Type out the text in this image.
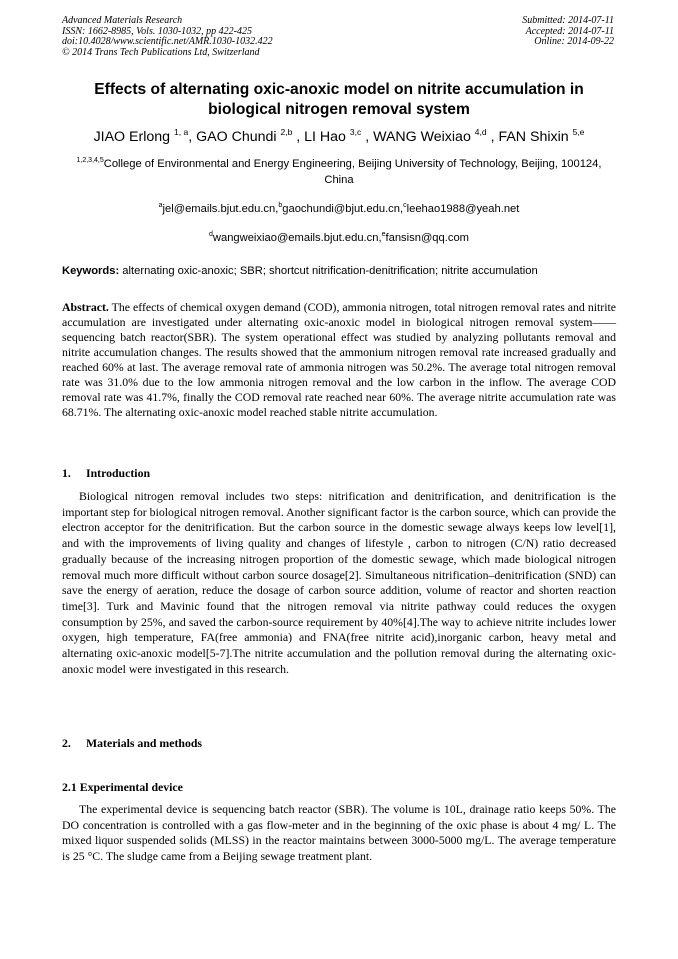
Advanced Materials Research
ISSN: 1662-8985, Vols. 1030-1032, pp 422-425
doi:10.4028/www.scientific.net/AMR.1030-1032.422
© 2014 Trans Tech Publications Ltd, Switzerland
Submitted: 2014-07-11
Accepted: 2014-07-11
Online: 2014-09-22
Effects of alternating oxic-anoxic model on nitrite accumulation in biological nitrogen removal system
JIAO Erlong $^{1, a}$, GAO Chundi $^{2,b}$ , LI Hao $^{3,c}$ , WANG Weixiao $^{4,d}$ , FAN Shixin $^{5,e}$
$^{1,2,3,4,5}$College of Environmental and Energy Engineering, Beijing University of Technology, Beijing, 100124, China
$^a$jel@emails.bjut.edu.cn,$^b$gaochundi@bjut.edu.cn,$^c$leehao1988@yeah.net
$^d$wangweixiao@emails.bjut.edu.cn,$^e$fansisn@qq.com
Keywords: alternating oxic-anoxic; SBR; shortcut nitrification-denitrification; nitrite accumulation
Abstract. The effects of chemical oxygen demand (COD), ammonia nitrogen, total nitrogen removal rates and nitrite accumulation are investigated under alternating oxic-anoxic model in biological nitrogen removal system——sequencing batch reactor(SBR). The system operational effect was studied by analyzing pollutants removal and nitrite accumulation changes. The results showed that the ammonium nitrogen removal rate increased gradually and reached 60% at last. The average removal rate of ammonia nitrogen was 50.2%. The average total nitrogen removal rate was 31.0% due to the low ammonia nitrogen removal and the low carbon in the inflow. The average COD removal rate was 41.7%, finally the COD removal rate reached near 60%. The average nitrite accumulation rate was 68.71%. The alternating oxic-anoxic model reached stable nitrite accumulation.
1. Introduction
Biological nitrogen removal includes two steps: nitrification and denitrification, and denitrification is the important step for biological nitrogen removal. Another significant factor is the carbon source, which can provide the electron acceptor for the denitrification. But the carbon source in the domestic sewage always keeps low level[1], and with the improvements of living quality and changes of lifestyle , carbon to nitrogen (C/N) ratio decreased gradually because of the increasing nitrogen proportion of the domestic sewage, which made biological nitrogen removal much more difficult without carbon source dosage[2]. Simultaneous nitrification–denitrification (SND) can save the energy of aeration, reduce the dosage of carbon source addition, volume of reactor and shorten reaction time[3]. Turk and Mavinic found that the nitrogen removal via nitrite pathway could reduces the oxygen consumption by 25%, and saved the carbon-source requirement by 40%[4].The way to achieve nitrite includes lower oxygen, high temperature, FA(free ammonia) and FNA(free nitrite acid),inorganic carbon, heavy metal and alternating oxic-anoxic model[5-7].The nitrite accumulation and the pollution removal during the alternating oxic-anoxic model were investigated in this research.
2. Materials and methods
2.1 Experimental device
The experimental device is sequencing batch reactor (SBR). The volume is 10L, drainage ratio keeps 50%. The DO concentration is controlled with a gas flow-meter and in the beginning of the oxic phase is about 4 mg/ L. The mixed liquor suspended solids (MLSS) in the reactor maintains between 3000-5000 mg/L. The average temperature is 25 °C. The sludge came from a Beijing sewage treatment plant.
